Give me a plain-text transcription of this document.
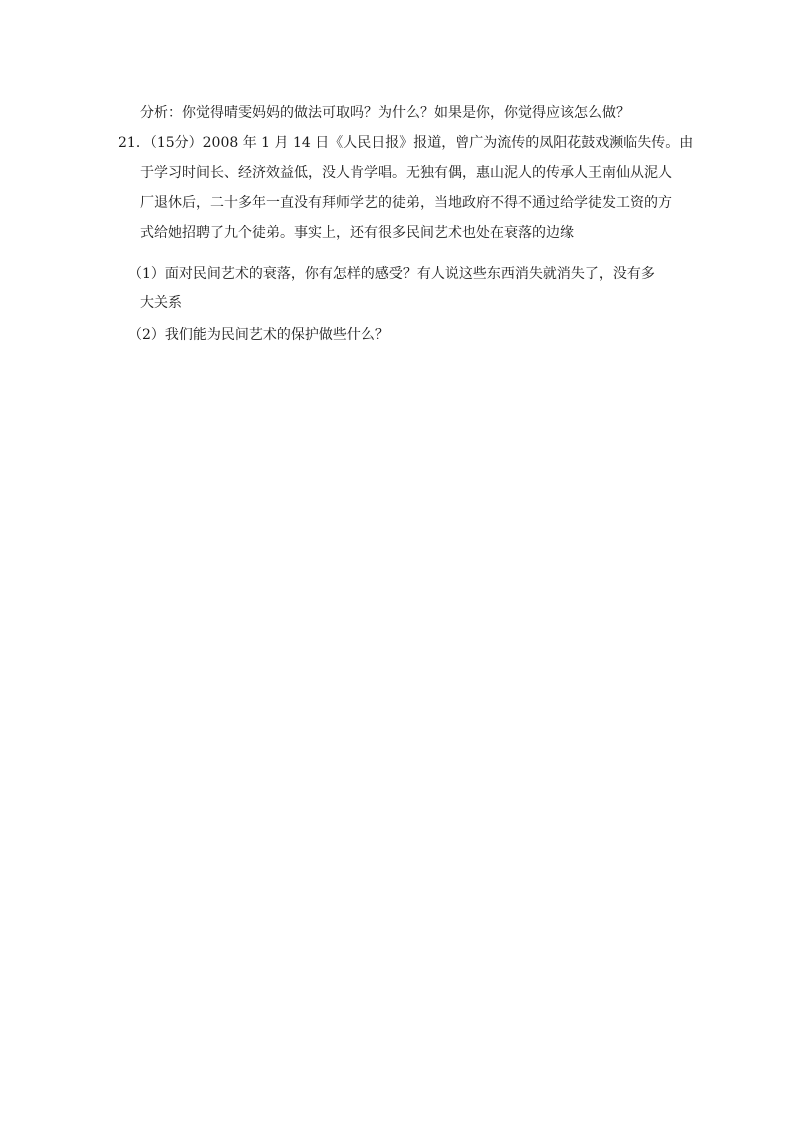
分析：你觉得晴雯妈妈的做法可取吗？为什么？如果是你，你觉得应该怎么做？
21．（15分）2008 年 1 月 14 日《人民日报》报道，曾广为流传的凤阳花鼓戏濒临失传。由
于学习时间长、经济效益低，没人肯学唱。无独有偶，惠山泥人的传承人王南仙从泥人
厂退休后，二十多年一直没有拜师学艺的徒弟，当地政府不得不通过给学徒发工资的方
式给她招聘了九个徒弟。事实上，还有很多民间艺术也处在衰落的边缘
（1）面对民间艺术的衰落，你有怎样的感受？有人说这些东西消失就消失了，没有多
大关系
（2）我们能为民间艺术的保护做些什么？
